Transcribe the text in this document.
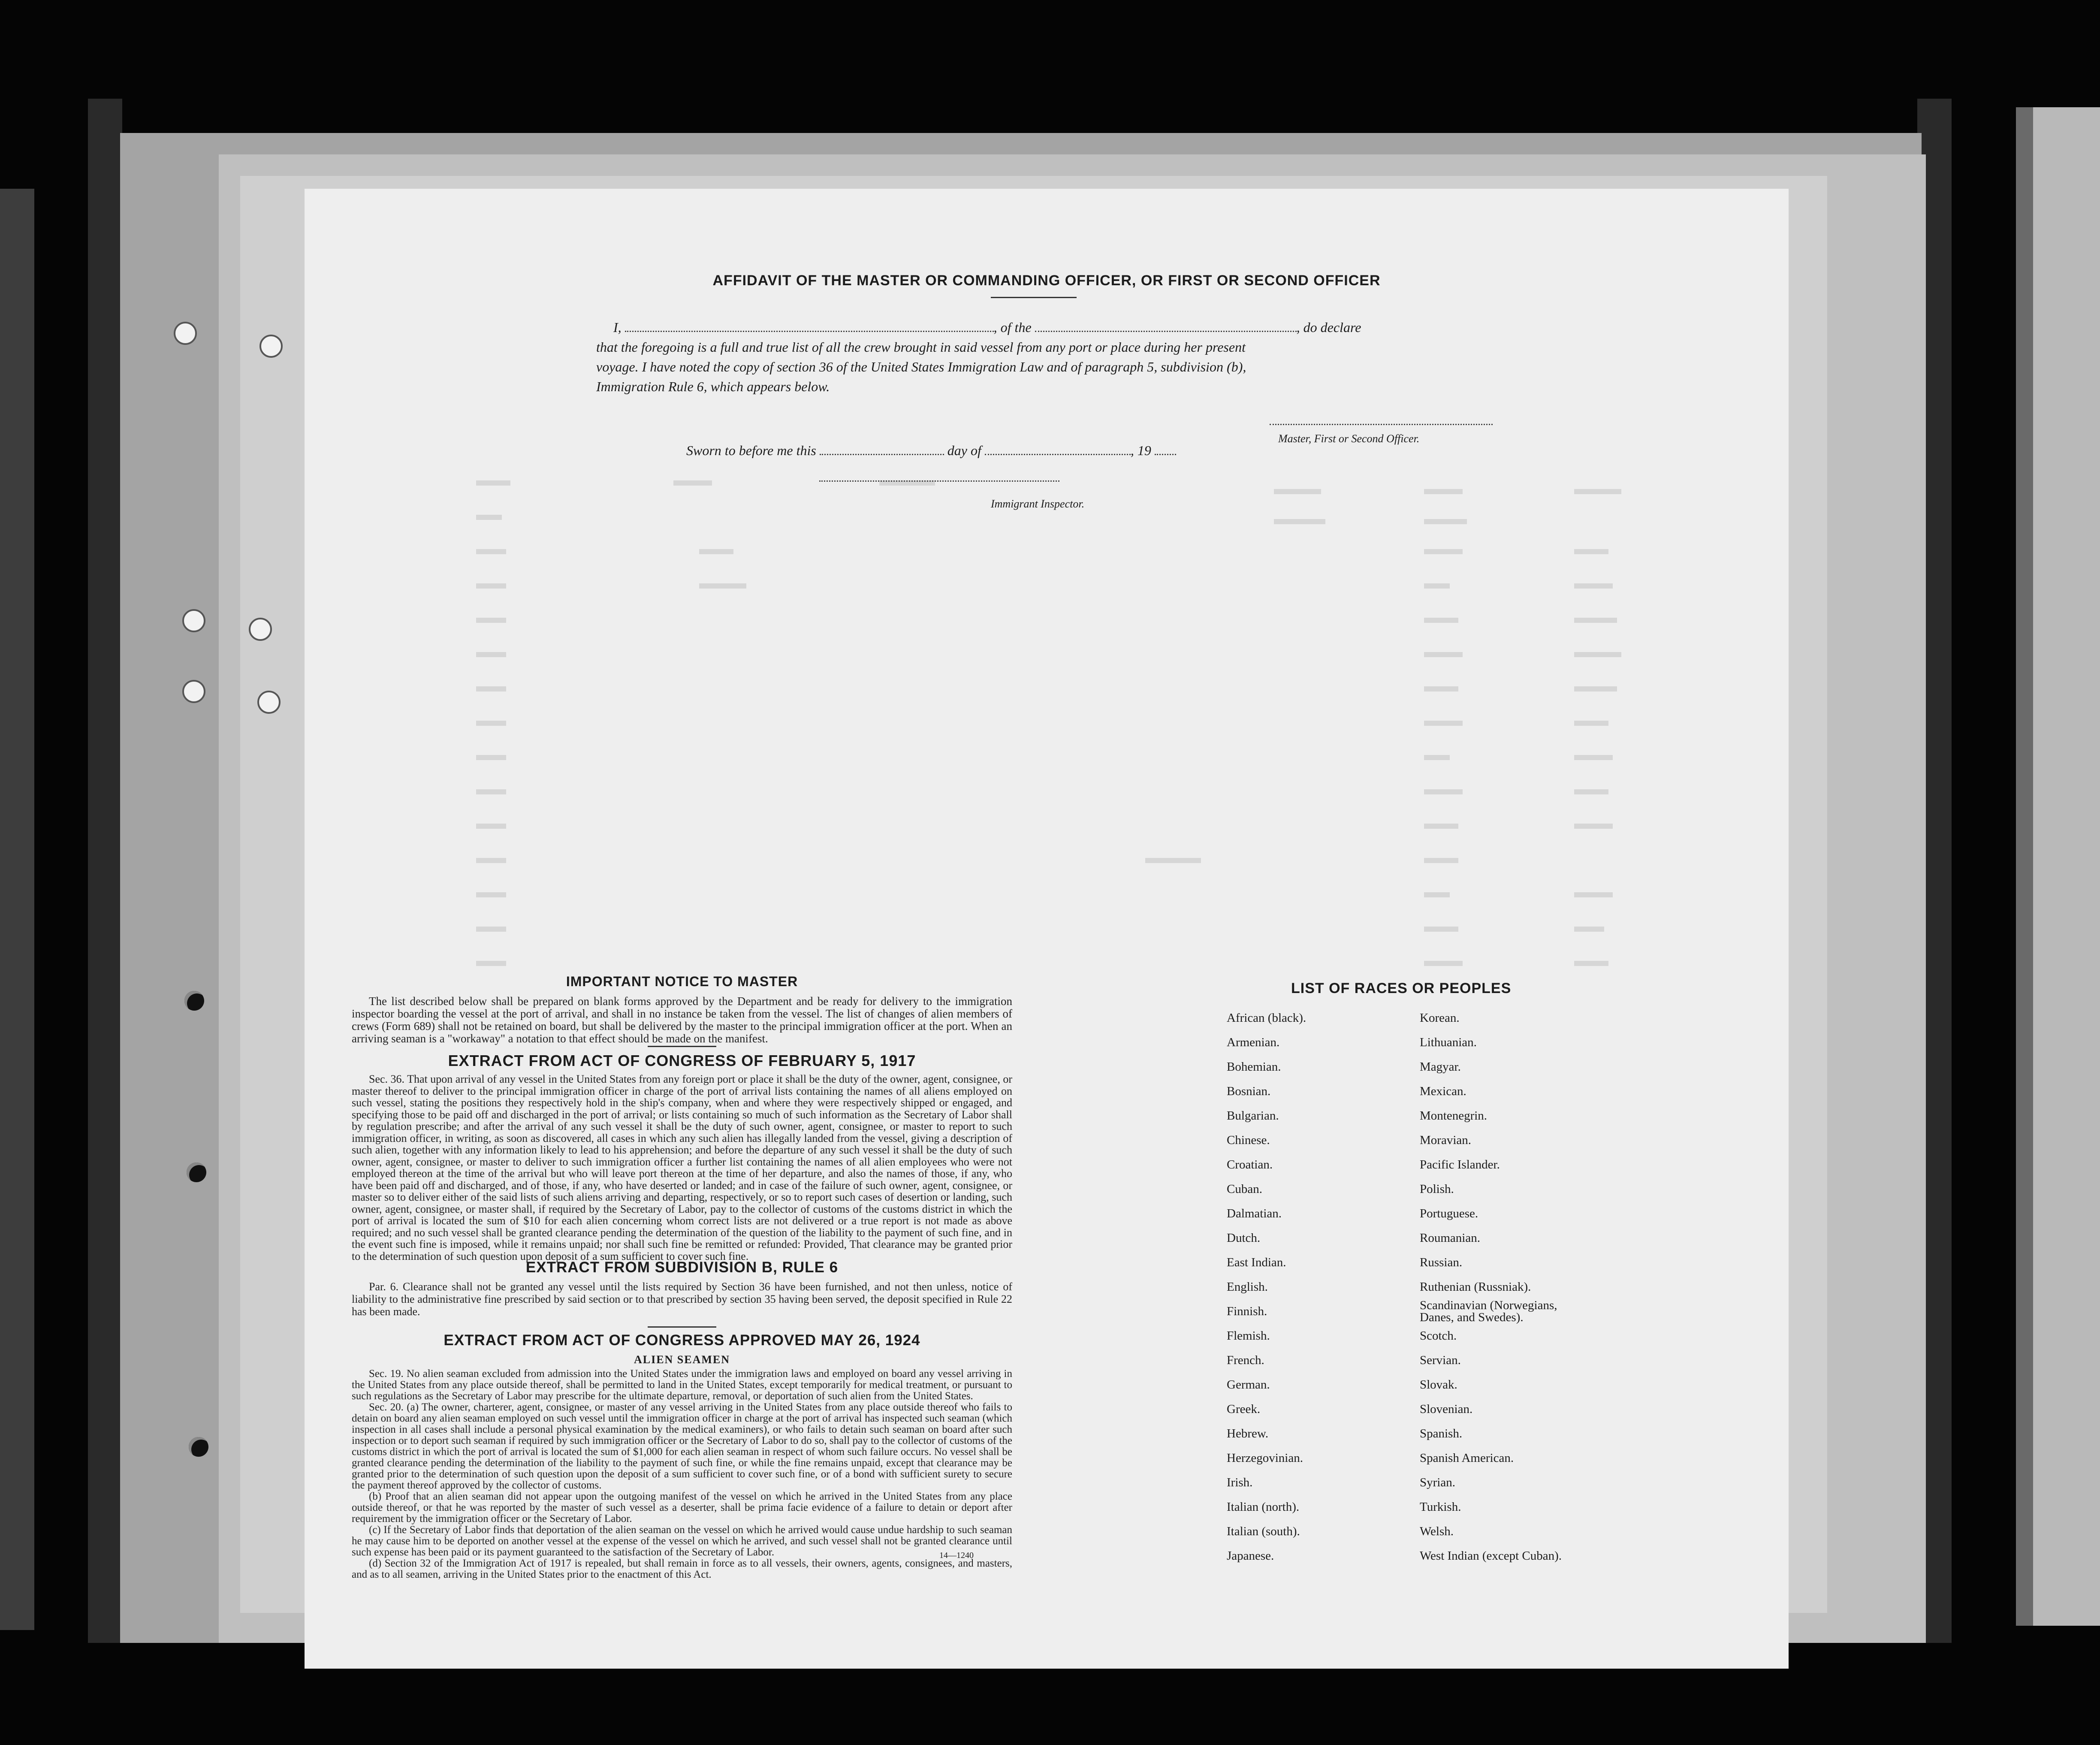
AFFIDAVIT OF THE MASTER OR COMMANDING OFFICER, OR FIRST OR SECOND OFFICER
I,	, of the	, do declare
that the foregoing is a full and true list of all the crew brought in said vessel from any port or place during her present
voyage. I have noted the copy of section 36 of the United States Immigration Law and of paragraph 5, subdivision (b),
Immigration Rule 6, which appears below.
Master, First or Second Officer.
Sworn to before me this	day of	, 19
Immigrant Inspector.
IMPORTANT NOTICE TO MASTER
The list described below shall be prepared on blank forms approved by the Department and be ready for delivery to the immigration inspector boarding the vessel at the port of arrival, and shall in no instance be taken from the vessel. The list of changes of alien members of crews (Form 689) shall not be retained on board, but shall be delivered by the master to the principal immigration officer at the port. When an arriving seaman is a "workaway" a notation to that effect should be made on the manifest.
EXTRACT FROM ACT OF CONGRESS OF FEBRUARY 5, 1917
Sec. 36. That upon arrival of any vessel in the United States from any foreign port or place it shall be the duty of the owner, agent, consignee, or master thereof to deliver to the principal immigration officer in charge of the port of arrival lists containing the names of all aliens employed on such vessel, stating the positions they respectively hold in the ship's company, when and where they were respectively shipped or engaged, and specifying those to be paid off and discharged in the port of arrival; or lists containing so much of such information as the Secretary of Labor shall by regulation prescribe; and after the arrival of any such vessel it shall be the duty of such owner, agent, consignee, or master to report to such immigration officer, in writing, as soon as discovered, all cases in which any such alien has illegally landed from the vessel, giving a description of such alien, together with any information likely to lead to his apprehension; and before the departure of any such vessel it shall be the duty of such owner, agent, consignee, or master to deliver to such immigration officer a further list containing the names of all alien employees who were not employed thereon at the time of the arrival but who will leave port thereon at the time of her departure, and also the names of those, if any, who have been paid off and discharged, and of those, if any, who have deserted or landed; and in case of the failure of such owner, agent, consignee, or master so to deliver either of the said lists of such aliens arriving and departing, respectively, or so to report such cases of desertion or landing, such owner, agent, consignee, or master shall, if required by the Secretary of Labor, pay to the collector of customs of the customs district in which the port of arrival is located the sum of $10 for each alien concerning whom correct lists are not delivered or a true report is not made as above required; and no such vessel shall be granted clearance pending the determination of the question of the liability to the payment of such fine, and in the event such fine is imposed, while it remains unpaid; nor shall such fine be remitted or refunded: Provided, That clearance may be granted prior to the determination of such question upon deposit of a sum sufficient to cover such fine.
EXTRACT FROM SUBDIVISION B, RULE 6
Par. 6. Clearance shall not be granted any vessel until the lists required by Section 36 have been furnished, and not then unless, notice of liability to the administrative fine prescribed by said section or to that prescribed by section 35 having been served, the deposit specified in Rule 22 has been made.
EXTRACT FROM ACT OF CONGRESS APPROVED MAY 26, 1924
ALIEN SEAMEN
Sec. 19. No alien seaman excluded from admission into the United States under the immigration laws and employed on board any vessel arriving in the United States from any place outside thereof, shall be permitted to land in the United States, except temporarily for medical treatment, or pursuant to such regulations as the Secretary of Labor may prescribe for the ultimate departure, removal, or deportation of such alien from the United States.
Sec. 20. (a) The owner, charterer, agent, consignee, or master of any vessel arriving in the United States from any place outside thereof who fails to detain on board any alien seaman employed on such vessel until the immigration officer in charge at the port of arrival has inspected such seaman (which inspection in all cases shall include a personal physical examination by the medical examiners), or who fails to detain such seaman on board after such inspection or to deport such seaman if required by such immigration officer or the Secretary of Labor to do so, shall pay to the collector of customs of the customs district in which the port of arrival is located the sum of $1,000 for each alien seaman in respect of whom such failure occurs. No vessel shall be granted clearance pending the determination of the liability to the payment of such fine, or while the fine remains unpaid, except that clearance may be granted prior to the determination of such question upon the deposit of a sum sufficient to cover such fine, or of a bond with sufficient surety to secure the payment thereof approved by the collector of customs.
(b) Proof that an alien seaman did not appear upon the outgoing manifest of the vessel on which he arrived in the United States from any place outside thereof, or that he was reported by the master of such vessel as a deserter, shall be prima facie evidence of a failure to detain or deport after requirement by the immigration officer or the Secretary of Labor.
(c) If the Secretary of Labor finds that deportation of the alien seaman on the vessel on which he arrived would cause undue hardship to such seaman he may cause him to be deported on another vessel at the expense of the vessel on which he arrived, and such vessel shall not be granted clearance until such expense has been paid or its payment guaranteed to the satisfaction of the Secretary of Labor.
(d) Section 32 of the Immigration Act of 1917 is repealed, but shall remain in force as to all vessels, their owners, agents, consignees, and masters, and as to all seamen, arriving in the United States prior to the enactment of this Act.
14—1240
LIST OF RACES OR PEOPLES
African (black).
Armenian.
Bohemian.
Bosnian.
Bulgarian.
Chinese.
Croatian.
Cuban.
Dalmatian.
Dutch.
East Indian.
English.
Finnish.
Flemish.
French.
German.
Greek.
Hebrew.
Herzegovinian.
Irish.
Italian (north).
Italian (south).
Japanese.
Korean.
Lithuanian.
Magyar.
Mexican.
Montenegrin.
Moravian.
Pacific Islander.
Polish.
Portuguese.
Roumanian.
Russian.
Ruthenian (Russniak).
Scandinavian (Norwegians, Danes, and Swedes).
Scotch.
Servian.
Slovak.
Slovenian.
Spanish.
Spanish American.
Syrian.
Turkish.
Welsh.
West Indian (except Cuban).
